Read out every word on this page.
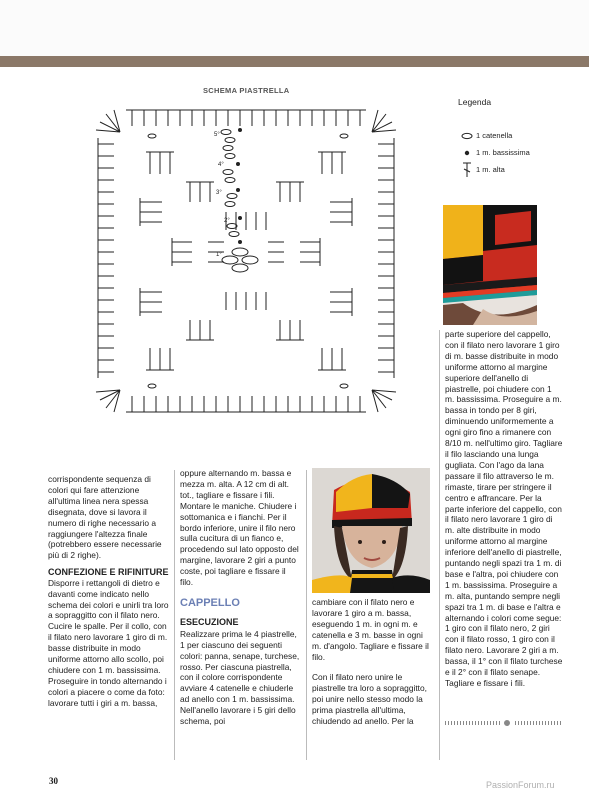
SCHEMA PIASTRELLA
5°
4°
3°
2°
1°
Legenda
1 catenella
1 m. bassissima
1 m. alta

corrispondente sequenza di colori qui fare attenzione all'ultima linea nera spessa disegnata, dove si lavora il numero di righe necessario a raggiungere l'altezza finale (potrebbero essere necessarie più di 2 righe).

CONFEZIONE E RIFINITURE

Disporre i rettangoli di dietro e davanti come indicato nello schema dei colori e unirli tra loro a sopraggitto con il filato nero. Cucire le spalle. Per il collo, con il filato nero lavorare 1 giro di m. basse distribuite in modo uniforme attorno allo scollo, poi chiudere con 1 m. bassissima. Proseguire in tondo alternando i colori a piacere o come da foto: lavorare tutti i giri a m. bassa,

oppure alternando m. bassa e mezza m. alta. A 12 cm di alt. tot., tagliare e fissare i fili. Montare le maniche. Chiudere i sottomanica e i fianchi. Per il bordo inferiore, unire il filo nero sulla cucitura di un fianco e, procedendo sul lato opposto del margine, lavorare 2 giri a punto coste, poi tagliare e fissare il filo.

CAPPELLO

ESECUZIONE

Realizzare prima le 4 piastrelle, 1 per ciascuno dei seguenti colori: panna, senape, turchese, rosso. Per ciascuna piastrella, con il colore corrispondente avviare 4 catenelle e chiuderle ad anello con 1 m. bassissima. Nell'anello lavorare i 5 giri dello schema, poi

cambiare con il filato nero e lavorare 1 giro a m. bassa, eseguendo 1 m. in ogni m. e catenella e 3 m. basse in ogni m. d'angolo. Tagliare e fissare il filo.

Con il filato nero unire le piastrelle tra loro a sopraggitto, poi unire nello stesso modo la prima piastrella all'ultima, chiudendo ad anello. Per la

parte superiore del cappello, con il filato nero lavorare 1 giro di m. basse distribuite in modo uniforme attorno al margine superiore dell'anello di piastrelle, poi chiudere con 1 m. bassissima. Proseguire a m. bassa in tondo per 8 giri, diminuendo uniformemente a ogni giro fino a rimanere con 8/10 m. nell'ultimo giro. Tagliare il filo lasciando una lunga gugliata. Con l'ago da lana passare il filo attraverso le m. rimaste, tirare per stringere il centro e affrancare. Per la parte inferiore del cappello, con il filato nero lavorare 1 giro di m. alte distribuite in modo uniforme attorno al margine inferiore dell'anello di piastrelle, puntando negli spazi tra 1 m. di base e l'altra, poi chiudere con 1 m. bassissima. Proseguire a m. alta, puntando sempre negli spazi tra 1 m. di base e l'altra e alternando i colori come segue: 1 giro con il filato nero, 2 giri con il filato rosso, 1 giro con il filato nero. Lavorare 2 giri a m. bassa, il 1° con il filato turchese e il 2° con il filato senape. Tagliare e fissare i fili.

30	PassionForum.ru
